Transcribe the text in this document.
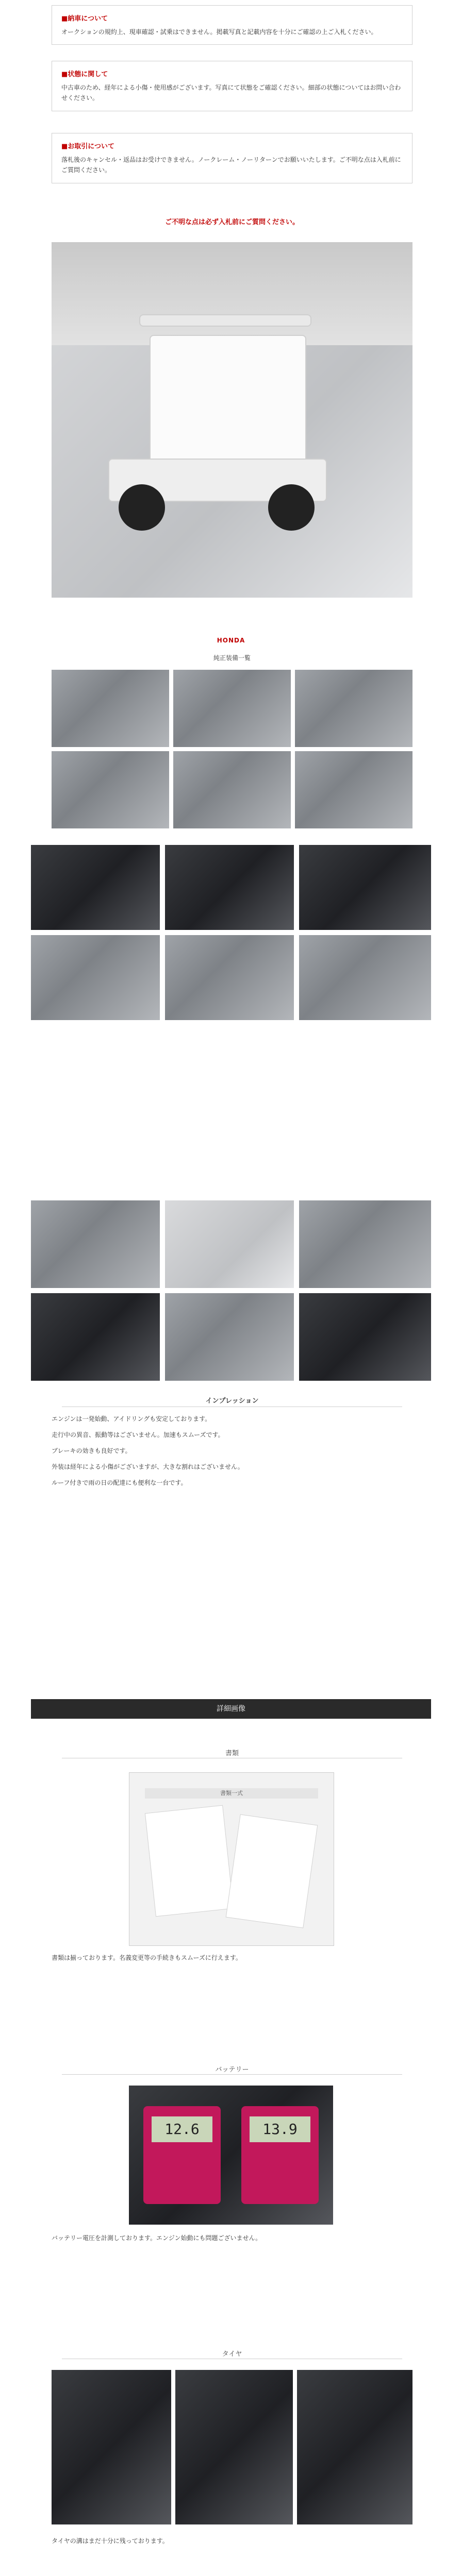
■納車について

オークションの規約上、現車確認・試乗はできません。掲載写真と記載内容を十分にご確認の上ご入札ください。

■状態に関して

中古車のため、経年による小傷・使用感がございます。写真にて状態をご確認ください。細部の状態についてはお問い合わせください。

■お取引について

落札後のキャンセル・返品はお受けできません。ノークレーム・ノーリターンでお願いいたします。ご不明な点は入札前にご質問ください。

ご不明な点は必ず入札前にご質問ください。
HONDA
純正装備一覧
インプレッション

エンジンは一発始動、アイドリングも安定しております。

走行中の異音、振動等はございません。加速もスムーズです。

ブレーキの効きも良好です。

外装は経年による小傷がございますが、大きな割れはございません。

ルーフ付きで雨の日の配達にも便利な一台です。

詳細画像
書類
書類一式
書類は揃っております。名義変更等の手続きもスムーズに行えます。
バッテリー
12.6	13.9
バッテリー電圧を計測しております。エンジン始動にも問題ございません。
タイヤ
タイヤの溝はまだ十分に残っております。
